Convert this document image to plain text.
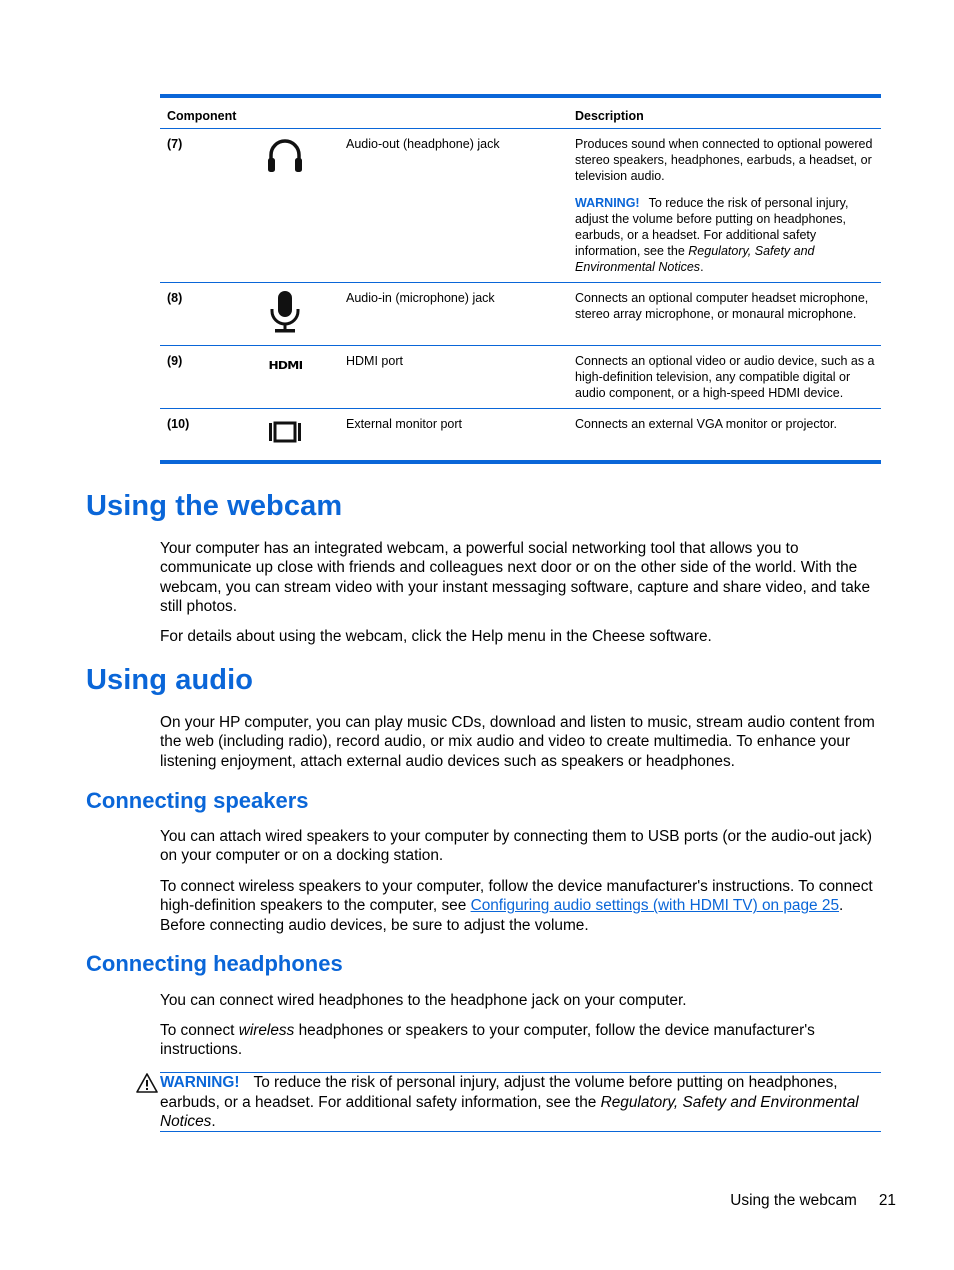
Component	Description
(7)	Audio-out (headphone) jack	Produces sound when connected to optional powered stereo speakers, headphones, earbuds, a headset, or television audio.

WARNING! To reduce the risk of personal injury, adjust the volume before putting on headphones, earbuds, or a headset. For additional safety information, see the Regulatory, Safety and Environmental Notices.

(8)	Audio-in (microphone) jack	Connects an optional computer headset microphone, stereo array microphone, or monaural microphone.
(9)	HDMI	HDMI port	Connects an optional video or audio device, such as a high-definition television, any compatible digital or audio component, or a high-speed HDMI device.
(10)	External monitor port	Connects an external VGA monitor or projector.
Using the webcam

Your computer has an integrated webcam, a powerful social networking tool that allows you to communicate up close with friends and colleagues next door or on the other side of the world. With the webcam, you can stream video with your instant messaging software, capture and share video, and take still photos.

For details about using the webcam, click the Help menu in the Cheese software.

Using audio

On your HP computer, you can play music CDs, download and listen to music, stream audio content from the web (including radio), record audio, or mix audio and video to create multimedia. To enhance your listening enjoyment, attach external audio devices such as speakers or headphones.

Connecting speakers

You can attach wired speakers to your computer by connecting them to USB ports (or the audio-out jack) on your computer or on a docking station.

To connect wireless speakers to your computer, follow the device manufacturer's instructions. To connect high-definition speakers to the computer, see Configuring audio settings (with HDMI TV) on page 25. Before connecting audio devices, be sure to adjust the volume.

Connecting headphones

You can connect wired headphones to the headphone jack on your computer.

To connect wireless headphones or speakers to your computer, follow the device manufacturer's instructions.

WARNING! To reduce the risk of personal injury, adjust the volume before putting on headphones, earbuds, or a headset. For additional safety information, see the Regulatory, Safety and Environmental Notices.

Using the webcam 21
